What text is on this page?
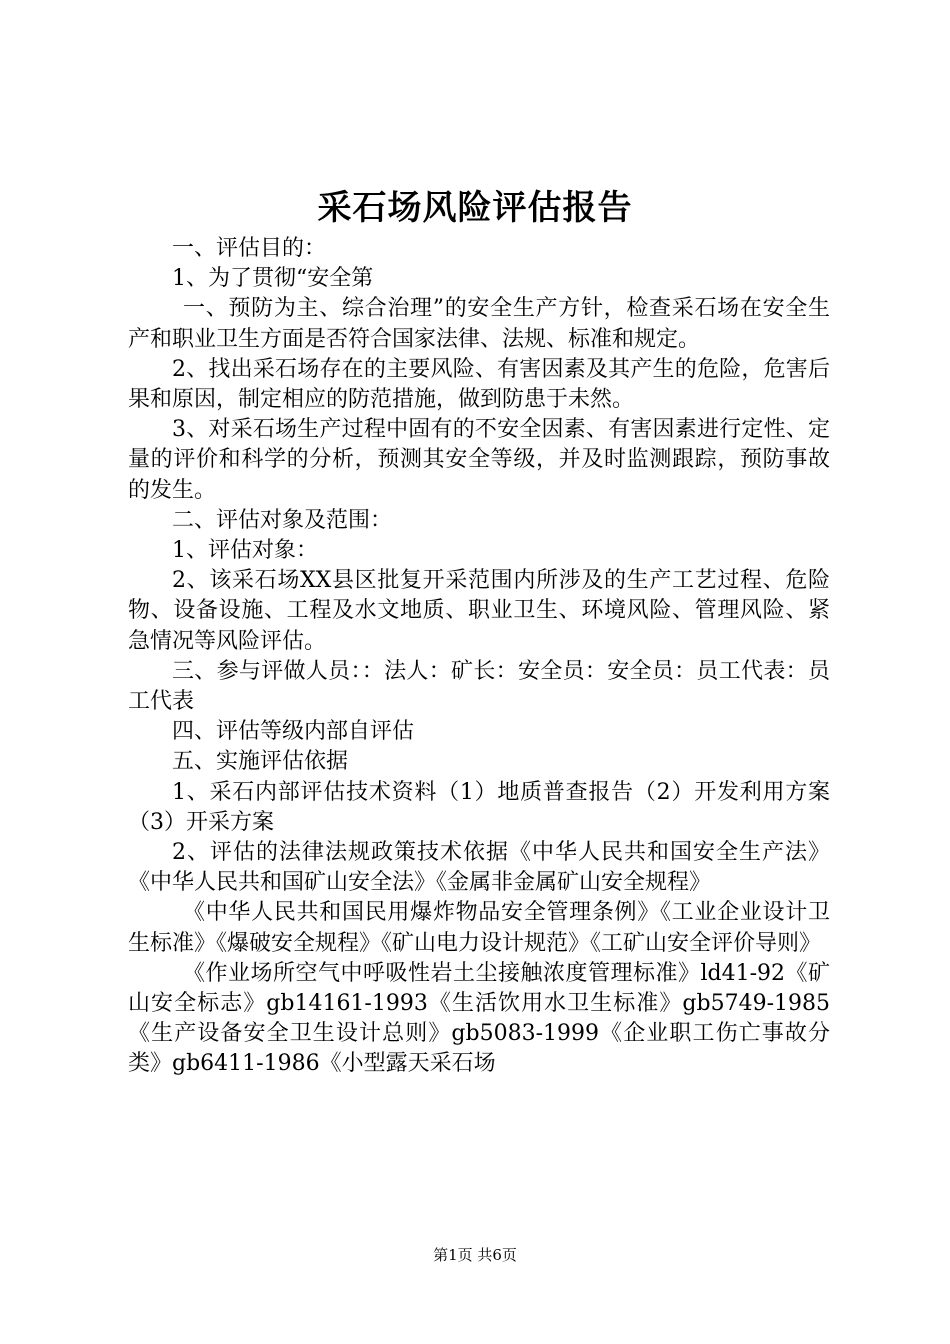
采石场风险评估报告

一、评估目的：

1、为了贯彻“安全第

一、预防为主、综合治理”的安全生产方针，检查采石场在安全生产和职业卫生方面是否符合国家法律、法规、标准和规定。

2、找出采石场存在的主要风险、有害因素及其产生的危险，危害后果和原因，制定相应的防范措施，做到防患于未然。

3、对采石场生产过程中固有的不安全因素、有害因素进行定性、定量的评价和科学的分析，预测其安全等级，并及时监测跟踪，预防事故的发生。

二、评估对象及范围：

1、评估对象：

2、该采石场XX县区批复开采范围内所涉及的生产工艺过程、危险物、设备设施、工程及水文地质、职业卫生、环境风险、管理风险、紧急情况等风险评估。

三、参与评做人员：：法人：矿长：安全员：安全员：员工代表：员工代表

四、评估等级内部自评估

五、实施评估依据

1、采石内部评估技术资料（1）地质普查报告（2）开发利用方案（3）开采方案

2、评估的法律法规政策技术依据《中华人民共和国安全生产法》《中华人民共和国矿山安全法》《金属非金属矿山安全规程》

《中华人民共和国民用爆炸物品安全管理条例》《工业企业设计卫生标准》《爆破安全规程》《矿山电力设计规范》《工矿山安全评价导则》

《作业场所空气中呼吸性岩土尘接触浓度管理标准》ld41-92《矿山安全标志》gb14161-1993《生活饮用水卫生标准》gb5749-1985《生产设备安全卫生设计总则》gb5083-1999《企业职工伤亡事故分类》gb6411-1986《小型露天采石场

第1页 共6页
